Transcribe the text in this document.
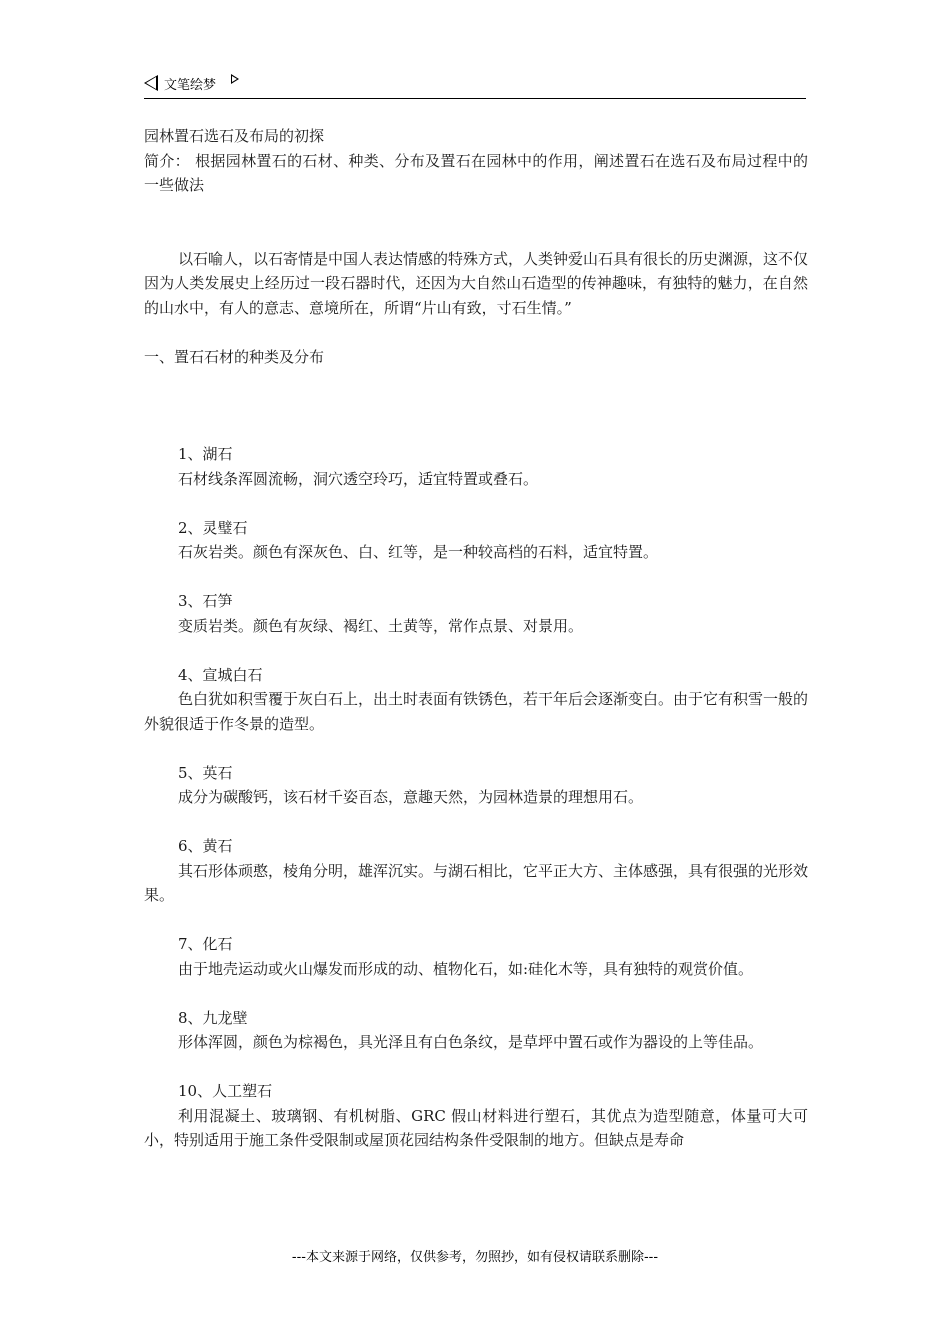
文笔绘梦

园林置石选石及布局的初探

简介： 根据园林置石的石材、种类、分布及置石在园林中的作用，阐述置石在选石及布局过程中的一些做法

以石喻人，以石寄情是中国人表达情感的特殊方式，人类钟爱山石具有很长的历史渊源，这不仅因为人类发展史上经历过一段石器时代，还因为大自然山石造型的传神趣味，有独特的魅力，在自然的山水中，有人的意志、意境所在，所谓“片山有致，寸石生情。”

一、置石石材的种类及分布

1、湖石

石材线条浑圆流畅，洞穴透空玲巧，适宜特置或叠石。

2、灵璧石

石灰岩类。颜色有深灰色、白、红等，是一种较高档的石料，适宜特置。

3、石笋

变质岩类。颜色有灰绿、褐红、土黄等，常作点景、对景用。

4、宣城白石

色白犹如积雪覆于灰白石上，出土时表面有铁锈色，若干年后会逐渐变白。由于它有积雪一般的外貌很适于作冬景的造型。

5、英石

成分为碳酸钙，该石材千姿百态，意趣天然，为园林造景的理想用石。

6、黄石

其石形体顽憨，棱角分明，雄浑沉实。与湖石相比，它平正大方、主体感强，具有很强的光形效果。

7、化石

由于地壳运动或火山爆发而形成的动、植物化石，如:硅化木等，具有独特的观赏价值。

8、九龙壁

形体浑圆，颜色为棕褐色，具光泽且有白色条纹，是草坪中置石或作为器设的上等佳品。

10、人工塑石

利用混凝土、玻璃钢、有机树脂、GRC 假山材料进行塑石，其优点为造型随意，体量可大可小，特别适用于施工条件受限制或屋顶花园结构条件受限制的地方。但缺点是寿命

---本文来源于网络，仅供参考，勿照抄，如有侵权请联系删除---
